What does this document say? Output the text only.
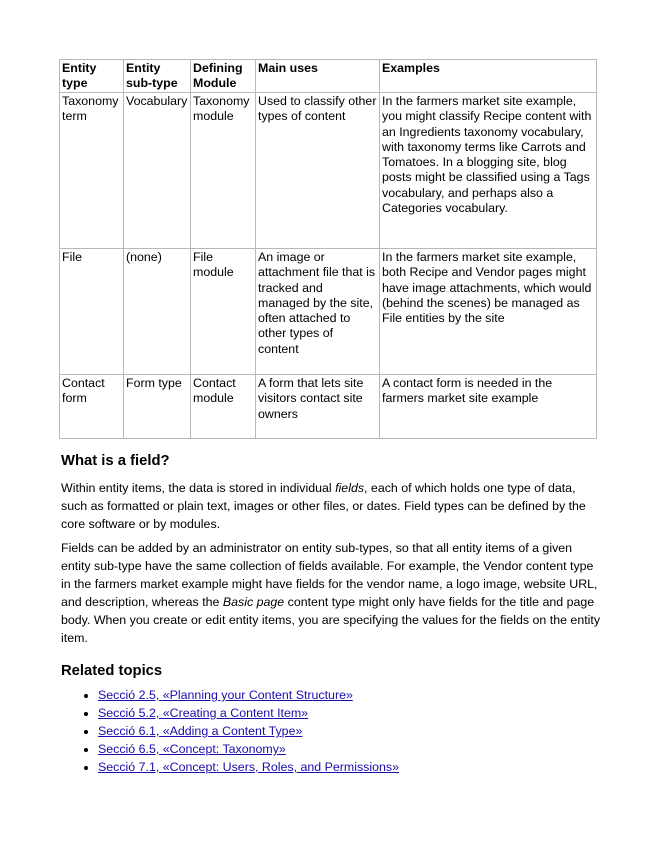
Entity type	Entity sub-type	Defining Module	Main uses	Examples
Taxonomy term	Vocabulary	Taxonomy module	Used to classify other types of content	In the farmers market site example, you might classify Recipe content with an Ingredients taxonomy vocabulary, with taxonomy terms like Carrots and Tomatoes. In a blogging site, blog posts might be classified using a Tags vocabulary, and perhaps also a Categories vocabulary.
File	(none)	File module	An image or attachment file that is tracked and managed by the site, often attached to other types of content	In the farmers market site example, both Recipe and Vendor pages might have image attachments, which would (behind the scenes) be managed as File entities by the site
Contact form	Form type	Contact module	A form that lets site visitors contact site owners	A contact form is needed in the farmers market site example
What is a field?

Within entity items, the data is stored in individual fields, each of which holds one type of data, such as formatted or plain text, images or other files, or dates. Field types can be defined by the core software or by modules.

Fields can be added by an administrator on entity sub-types, so that all entity items of a given entity sub-type have the same collection of fields available. For example, the Vendor content type in the farmers market example might have fields for the vendor name, a logo image, website URL, and description, whereas the Basic page content type might only have fields for the title and page body. When you create or edit entity items, you are specifying the values for the fields on the entity item.

Related topics
• Secció 2.5, «Planning your Content Structure»
• Secció 5.2, «Creating a Content Item»
• Secció 6.1, «Adding a Content Type»
• Secció 6.5, «Concept: Taxonomy»
• Secció 7.1, «Concept: Users, Roles, and Permissions»
